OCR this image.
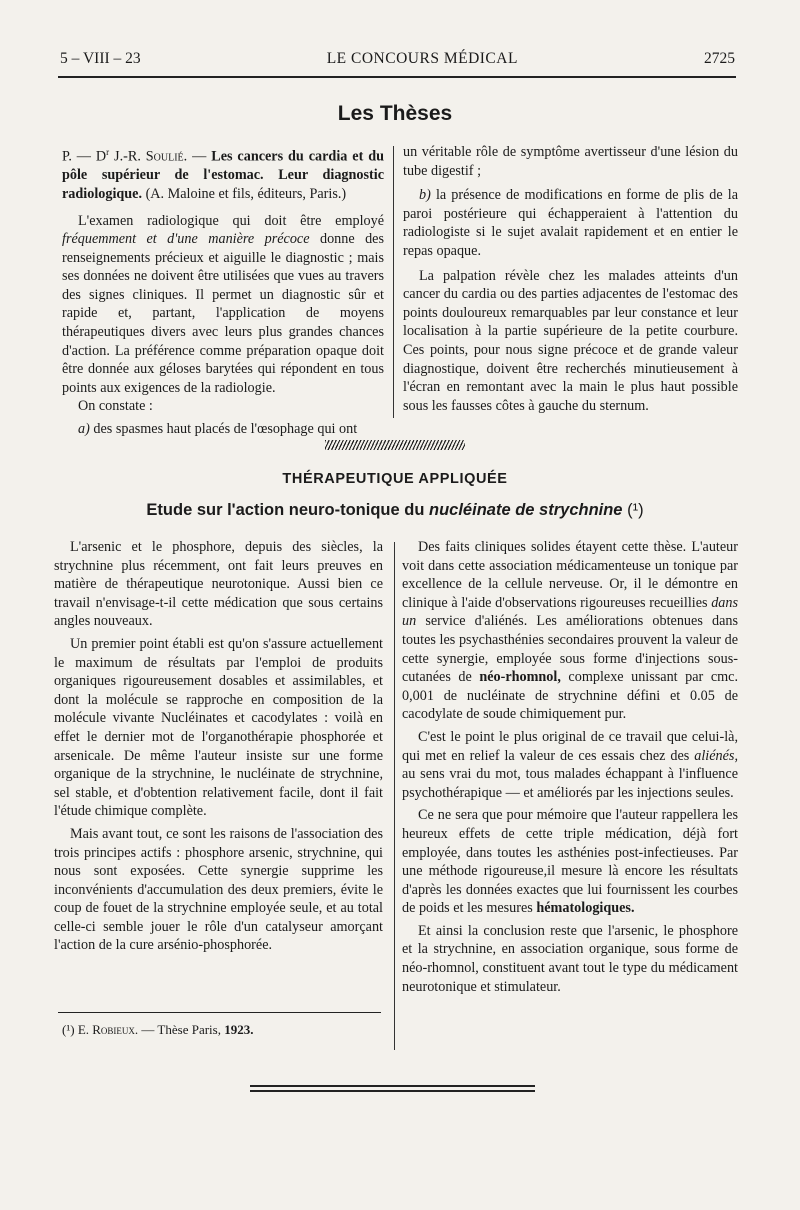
5 – VIII – 23	LE CONCOURS MÉDICAL	2725
Les Thèses

P. — $D^r$ J.-R. Soulié. — Les cancers du cardia et du pôle supérieur de l'estomac. Leur diagnostic radiologique. (A. Maloine et fils, éditeurs, Paris.)

L'examen radiologique qui doit être employé fréquemment et d'une manière précoce donne des renseignements précieux et aiguille le diagnostic ; mais ses données ne doivent être utilisées que vues au travers des signes cliniques. Il permet un diagnostic sûr et rapide et, partant, l'application de moyens thérapeutiques divers avec leurs plus grandes chances d'action. La préférence comme préparation opaque doit être donnée aux géloses barytées qui répondent en tous points aux exigences de la radiologie.

On constate :

a) des spasmes haut placés de l'œsophage qui ont

un véritable rôle de symptôme avertisseur d'une lésion du tube digestif ;

b) la présence de modifications en forme de plis de la paroi postérieure qui échapperaient à l'attention du radiologiste si le sujet avalait rapidement et en entier le repas opaque.

La palpation révèle chez les malades atteints d'un cancer du cardia ou des parties adjacentes de l'estomac des points douloureux remarquables par leur constance et leur localisation à la partie supérieure de la petite courbure. Ces points, pour nous signe précoce et de grande valeur diagnostique, doivent être recherchés minutieusement à l'écran en remontant avec la main le plus haut possible sous les fausses côtes à gauche du sternum.

THÉRAPEUTIQUE APPLIQUÉE
Etude sur l'action neuro-tonique du nucléinate de strychnine (¹)

L'arsenic et le phosphore, depuis des siècles, la strychnine plus récemment, ont fait leurs preuves en matière de thérapeutique neurotonique. Aussi bien ce travail n'envisage-t-il cette médication que sous certains angles nouveaux.

Un premier point établi est qu'on s'assure actuellement le maximum de résultats par l'emploi de produits organiques rigoureusement dosables et assimilables, et dont la molécule se rapproche en composition de la molécule vivante Nucléinates et cacodylates : voilà en effet le dernier mot de l'organothérapie phosphorée et arsenicale. De même l'auteur insiste sur une forme organique de la strychnine, le nucléinate de strychnine, sel stable, et d'obtention relativement facile, dont il fait l'étude chimique complète.

Mais avant tout, ce sont les raisons de l'association des trois principes actifs : phosphore arsenic, strychnine, qui nous sont exposées. Cette synergie supprime les inconvénients d'accumulation des deux premiers, évite le coup de fouet de la strychnine employée seule, et au total celle-ci semble jouer le rôle d'un catalyseur amorçant l'action de la cure arsénio-phosphorée.

Des faits cliniques solides étayent cette thèse. L'auteur voit dans cette association médicamenteuse un tonique par excellence de la cellule nerveuse. Or, il le démontre en clinique à l'aide d'observations rigoureuses recueillies dans un service d'aliénés. Les améliorations obtenues dans toutes les psychasthénies secondaires prouvent la valeur de cette synergie, employée sous forme d'injections sous-cutanées de néo-rhomnol, complexe unissant par cmc. 0,001 de nucléinate de strychnine défini et 0.05 de cacodylate de soude chimiquement pur.

C'est le point le plus original de ce travail que celui-là, qui met en relief la valeur de ces essais chez des aliénés, au sens vrai du mot, tous malades échappant à l'influence psychothérapique — et améliorés par les injections seules.

Ce ne sera que pour mémoire que l'auteur rappellera les heureux effets de cette triple médication, déjà fort employée, dans toutes les asthénies post-infectieuses. Par une méthode rigoureuse,il mesure là encore les résultats d'après les données exactes que lui fournissent les courbes de poids et les mesures hématologiques.

Et ainsi la conclusion reste que l'arsenic, le phosphore et la strychnine, en association organique, sous forme de néo-rhomnol, constituent avant tout le type du médicament neurotonique et stimulateur.

(¹) E. Robieux. — Thèse Paris, 1923.
